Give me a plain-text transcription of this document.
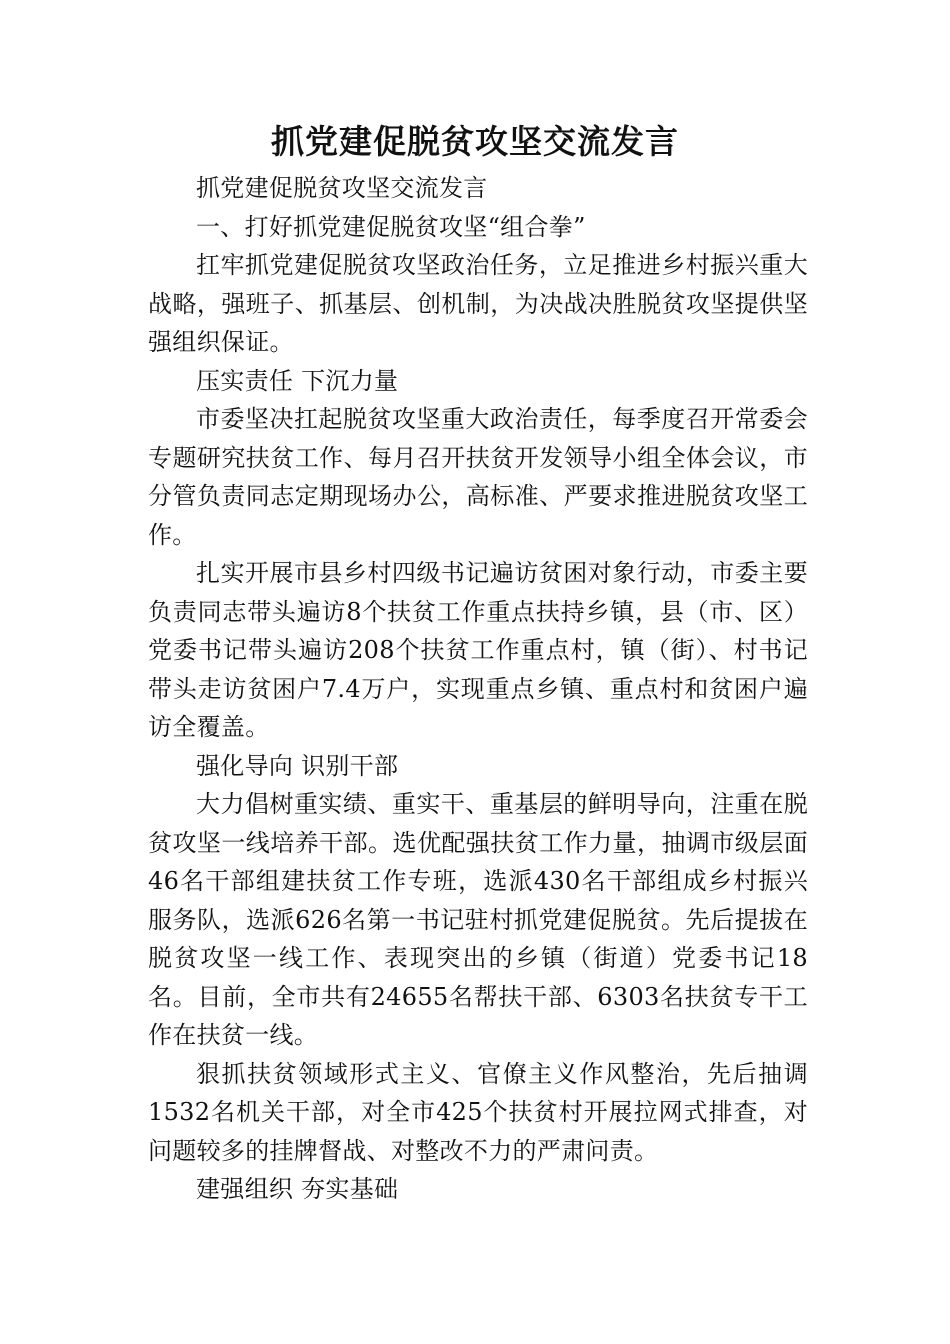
抓党建促脱贫攻坚交流发言

抓党建促脱贫攻坚交流发言

一、打好抓党建促脱贫攻坚“组合拳”

扛牢抓党建促脱贫攻坚政治任务，立足推进乡村振兴重大战略，强班子、抓基层、创机制，为决战决胜脱贫攻坚提供坚强组织保证。

压实责任 下沉力量

市委坚决扛起脱贫攻坚重大政治责任，每季度召开常委会专题研究扶贫工作、每月召开扶贫开发领导小组全体会议，市分管负责同志定期现场办公，高标准、严要求推进脱贫攻坚工作。

扎实开展市县乡村四级书记遍访贫困对象行动，市委主要负责同志带头遍访8个扶贫工作重点扶持乡镇，县（市、区）党委书记带头遍访208个扶贫工作重点村，镇（街）、村书记带头走访贫困户7.4万户，实现重点乡镇、重点村和贫困户遍访全覆盖。

强化导向 识别干部

大力倡树重实绩、重实干、重基层的鲜明导向，注重在脱贫攻坚一线培养干部。选优配强扶贫工作力量，抽调市级层面46名干部组建扶贫工作专班，选派430名干部组成乡村振兴服务队，选派626名第一书记驻村抓党建促脱贫。先后提拔在脱贫攻坚一线工作、表现突出的乡镇（街道）党委书记18名。目前，全市共有24655名帮扶干部、6303名扶贫专干工作在扶贫一线。

狠抓扶贫领域形式主义、官僚主义作风整治，先后抽调1532名机关干部，对全市425个扶贫村开展拉网式排查，对问题较多的挂牌督战、对整改不力的严肃问责。

建强组织 夯实基础
